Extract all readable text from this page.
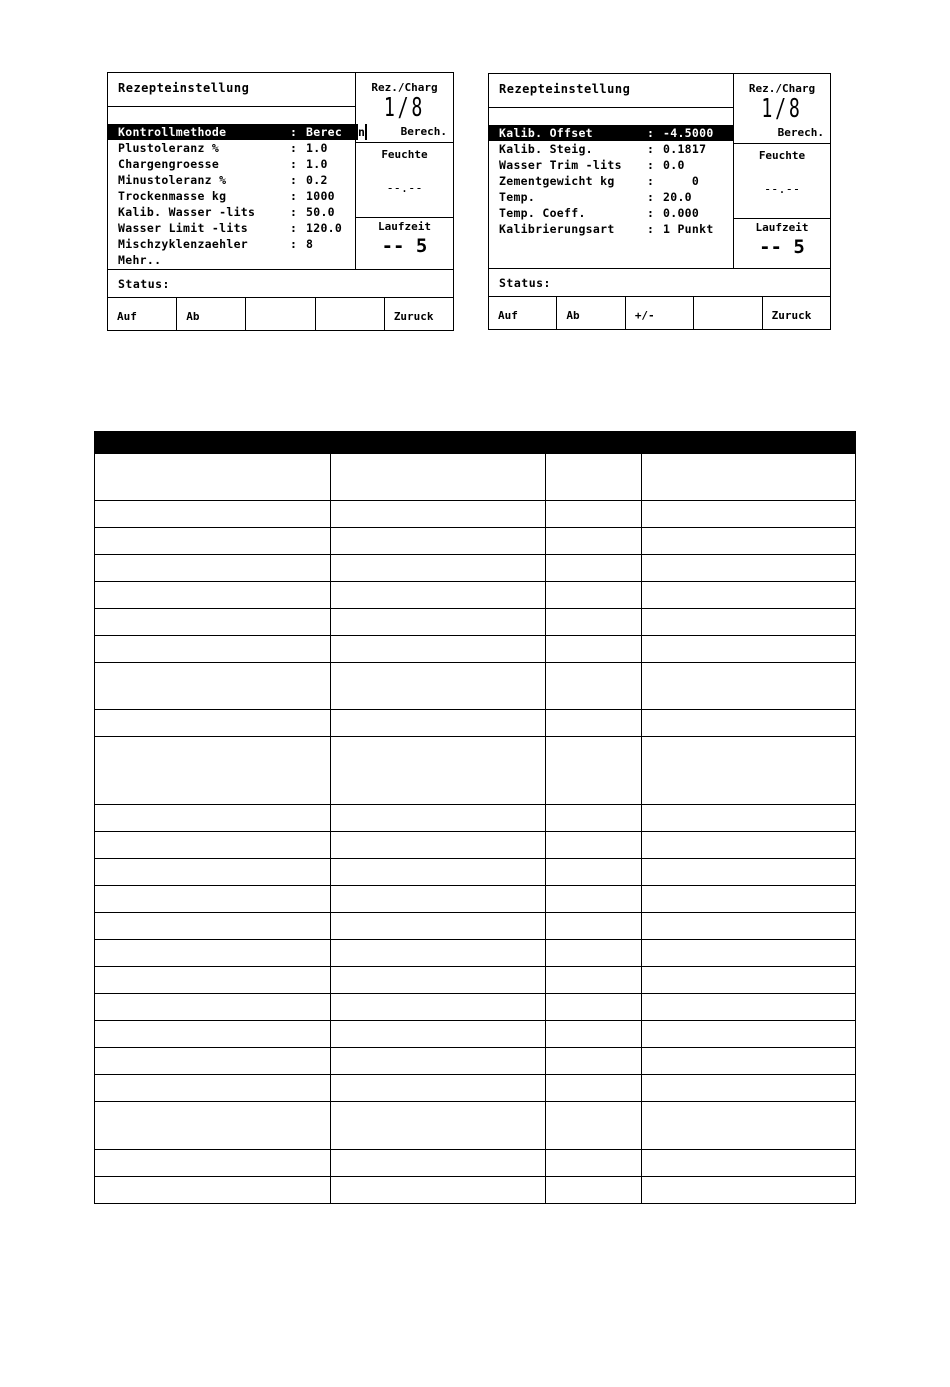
Rezepteinstellung
Kontrollmethode	: Berec n
Plustoleranz %	: 1.0
Chargengroesse	: 1.0
Minustoleranz %	: 0.2
Trockenmasse kg	: 1000
Kalib. Wasser -lits	: 50.0
Wasser Limit -lits	: 120.0
Mischzyklenzaehler	: 8
Mehr..
Rez./Charg
1/8
Berech.
Feuchte
--.--
Laufzeit
-- 5
Status:
Auf	Ab	Zuruck
Rezepteinstellung
Kalib. Offset	: -4.5000
Kalib. Steig.	: 0.1817
Wasser Trim -lits : 0.0
Zementgewicht kg	: 0
Temp.	: 20.0
Temp. Coeff.	: 0.000
Kalibrierungsart	: 1 Punkt
Rez./Charg
1/8
Berech.
Feuchte
--.--
Laufzeit
-- 5
Status:
Auf	Ab	+/-	Zuruck
